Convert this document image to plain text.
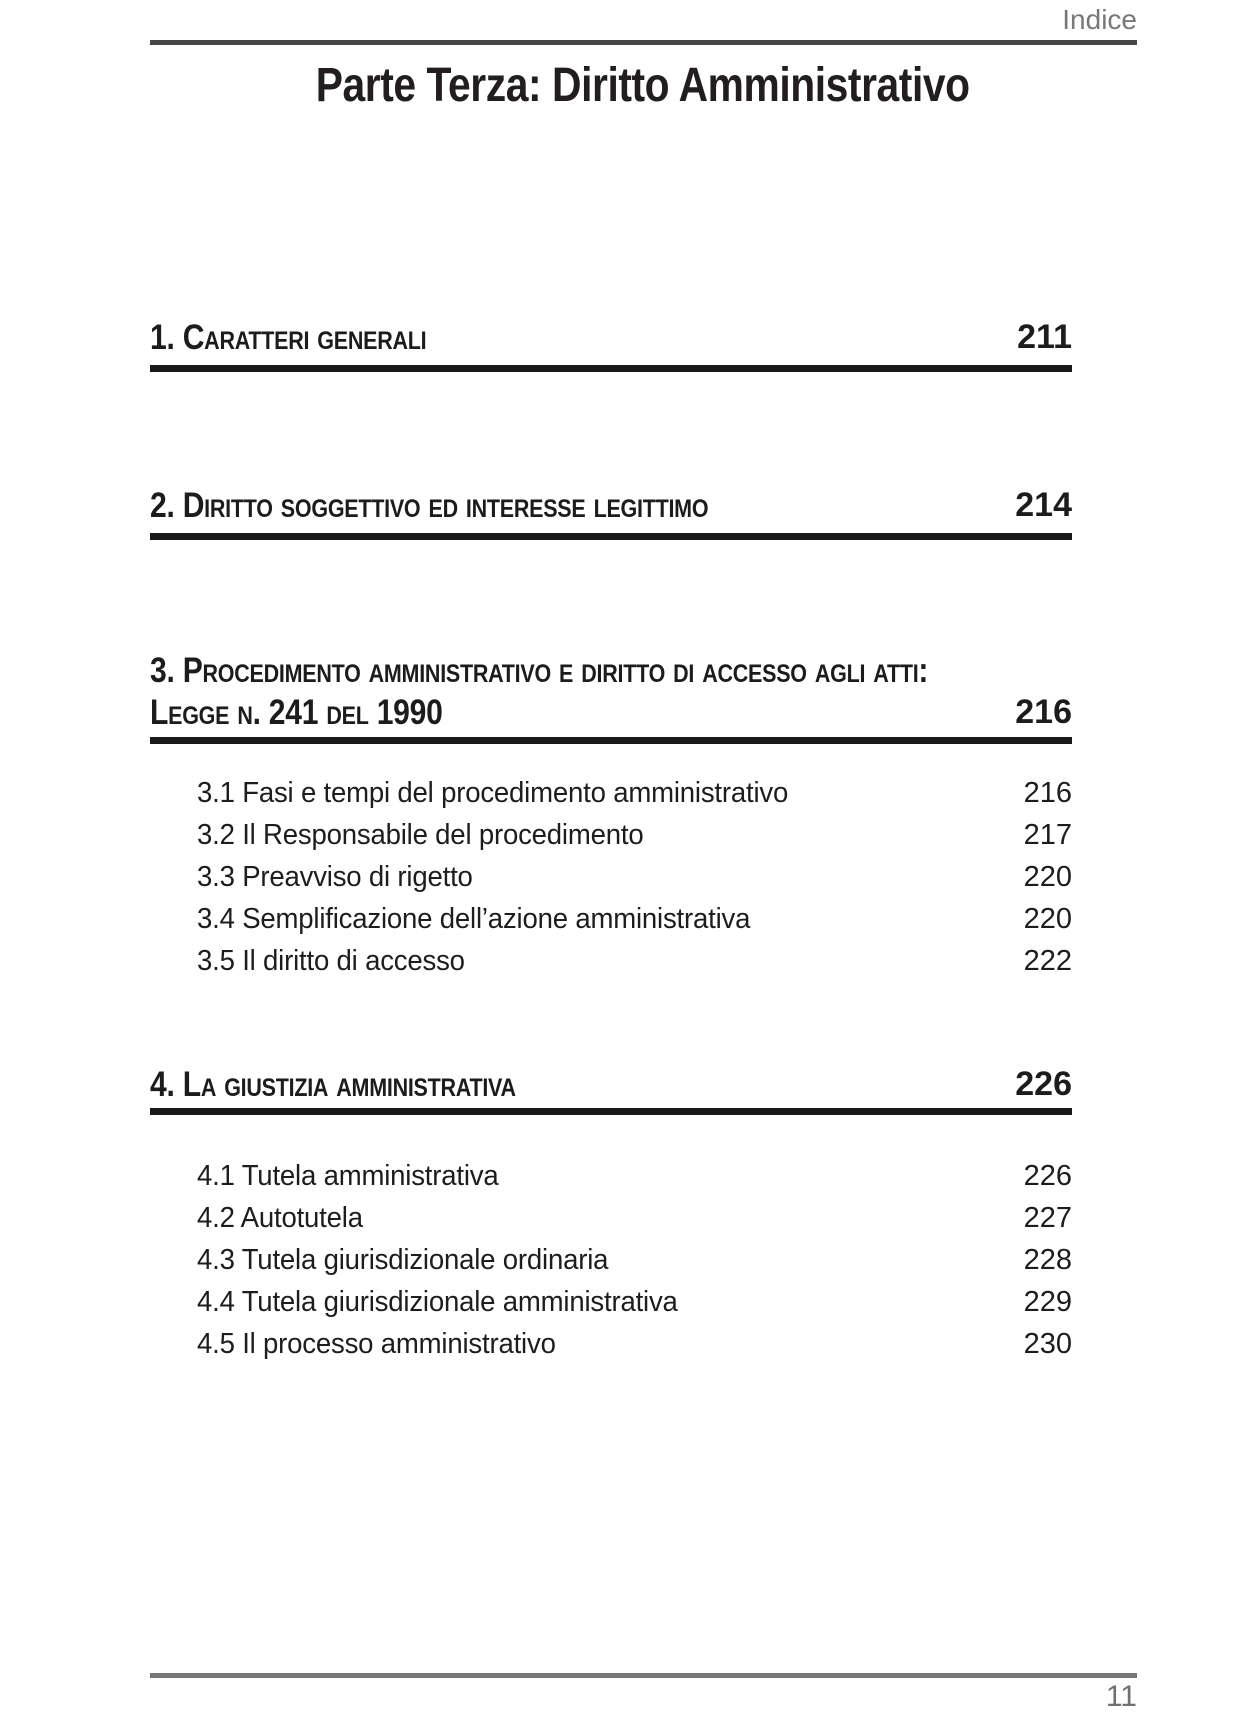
Indice
Parte Terza: Diritto Amministrativo
1. Caratteri generali	211
2. Diritto soggettivo ed interesse legittimo	214
3. Procedimento amministrativo e diritto di accesso agli atti:
Legge n. 241 del 1990	216
3.1 Fasi e tempi del procedimento amministrativo	216
3.2 Il Responsabile del procedimento	217
3.3 Preavviso di rigetto	220
3.4 Semplificazione dell’azione amministrativa	220
3.5 Il diritto di accesso	222
4. La giustizia amministrativa	226
4.1 Tutela amministrativa	226
4.2 Autotutela	227
4.3 Tutela giurisdizionale ordinaria	228
4.4 Tutela giurisdizionale amministrativa	229
4.5 Il processo amministrativo	230
11
